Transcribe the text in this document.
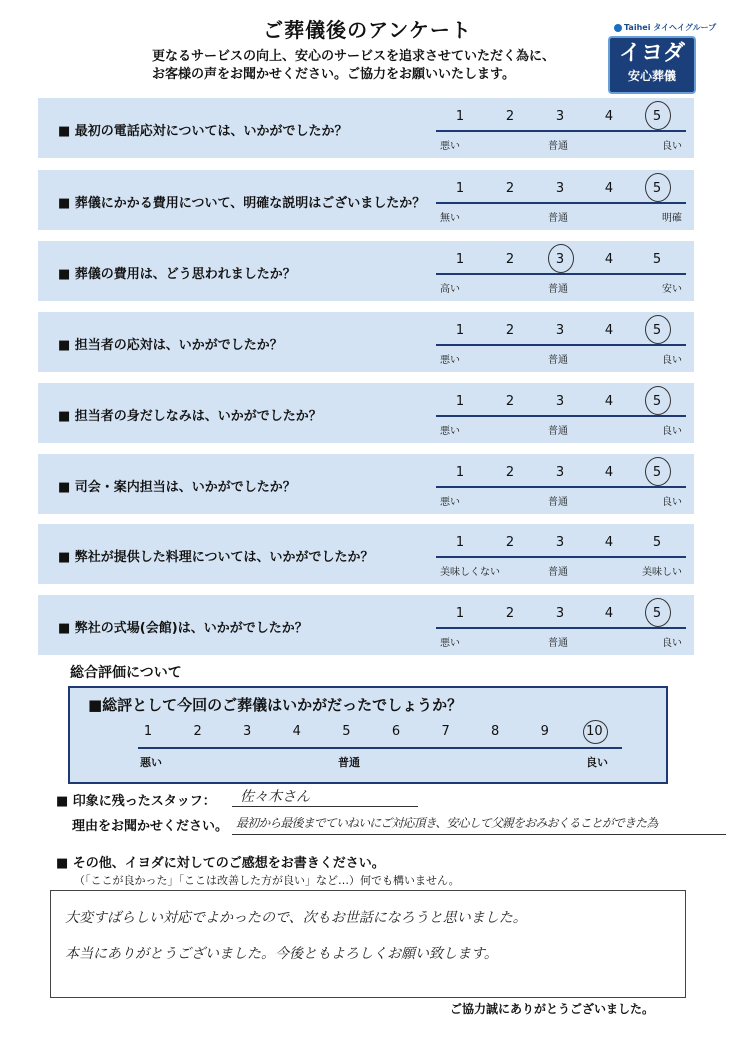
ご葬儀後のアンケート
更なるサービスの向上、安心のサービスを追求させていただく為に、
お客様の声をお聞かせください。ご協力をお願いいたします。
Taihei タイヘイグループ
イヨダ
安心葬儀
■ 最初の電話応対については、いかがでしたか？
1	2	3	4	5
悪い	普通	良い
■ 葬儀にかかる費用について、明確な説明はございましたか？
1	2	3	4	5
無い	普通	明確
■ 葬儀の費用は、どう思われましたか？
1	2	3	4	5
高い	普通	安い
■ 担当者の応対は、いかがでしたか？
1	2	3	4	5
悪い	普通	良い
■ 担当者の身だしなみは、いかがでしたか？
1	2	3	4	5
悪い	普通	良い
■ 司会・案内担当は、いかがでしたか？
1	2	3	4	5
悪い	普通	良い
■ 弊社が提供した料理については、いかがでしたか？
1	2	3	4	5
美味しくない	普通	美味しい
■ 弊社の式場(会館)は、いかがでしたか？
1	2	3	4	5
悪い	普通	良い
総合評価について
■総評として今回のご葬儀はいかがだったでしょうか？
悪い	普通	良い
1	2	3	4	5	6	7	8	9	10
■ 印象に残ったスタッフ： 佐々木さん
理由をお聞かせください。 最初から最後までていねいにご対応頂き、安心して父親をおみおくることができた為
■ その他、イヨダに対してのご感想をお書きください。
（「ここが良かった」「ここは改善した方が良い」など…）何でも構いません。
大変すばらしい対応でよかったので、次もお世話になろうと思いました。
本当にありがとうございました。今後ともよろしくお願い致します。
ご協力誠にありがとうございました。
